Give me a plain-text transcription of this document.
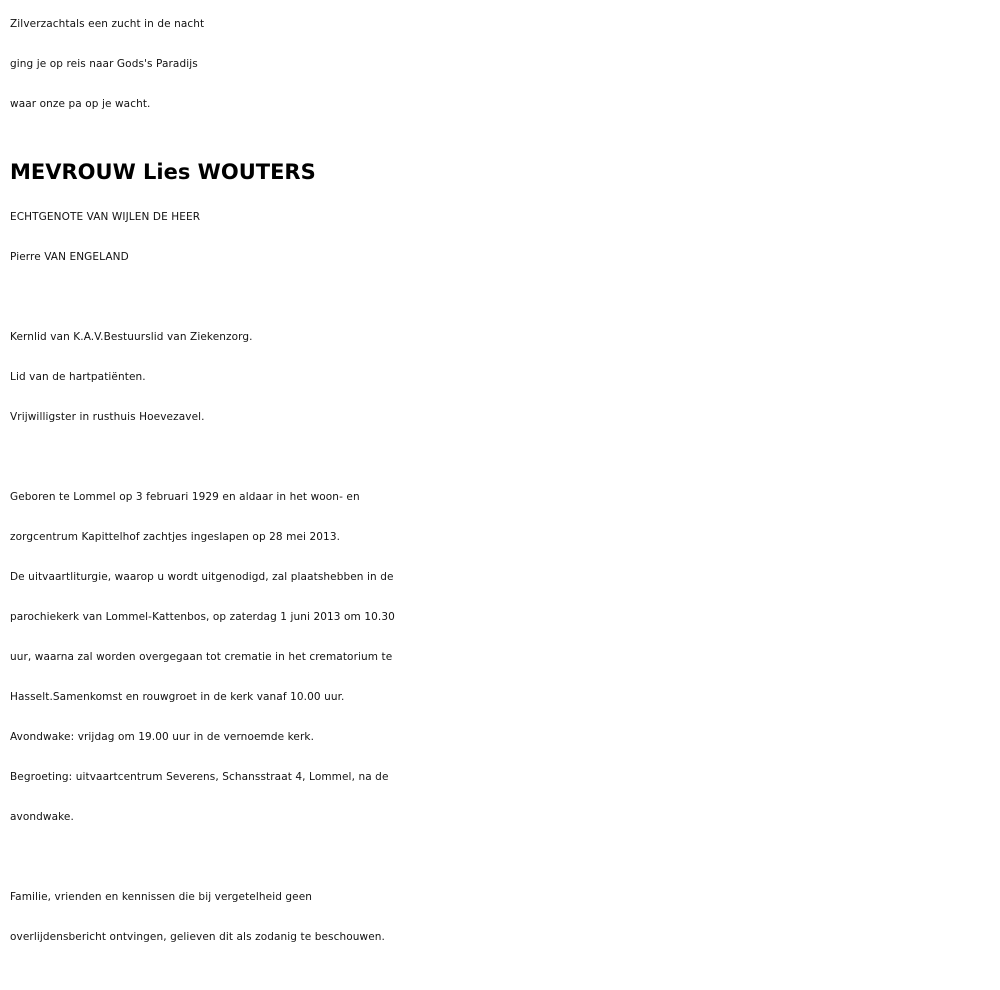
Zilverzachtals een zucht in de nacht
ging je op reis naar Gods's Paradijs
waar onze pa op je wacht.
MEVROUW Lies WOUTERS
ECHTGENOTE VAN WIJLEN DE HEER
Pierre VAN ENGELAND
Kernlid van K.A.V.Bestuurslid van Ziekenzorg.
Lid van de hartpatiënten.
Vrijwilligster in rusthuis Hoevezavel.
Geboren te Lommel op 3 februari 1929 en aldaar in het woon- en
zorgcentrum Kapittelhof zachtjes ingeslapen op 28 mei 2013.
De uitvaartliturgie, waarop u wordt uitgenodigd, zal plaatshebben in de
parochiekerk van Lommel-Kattenbos, op zaterdag 1 juni 2013 om 10.30
uur, waarna zal worden overgegaan tot crematie in het crematorium te
Hasselt.Samenkomst en rouwgroet in de kerk vanaf 10.00 uur.
Avondwake: vrijdag om 19.00 uur in de vernoemde kerk.
Begroeting: uitvaartcentrum Severens, Schansstraat 4, Lommel, na de
avondwake.
Familie, vrienden en kennissen die bij vergetelheid geen
overlijdensbericht ontvingen, gelieven dit als zodanig te beschouwen.
